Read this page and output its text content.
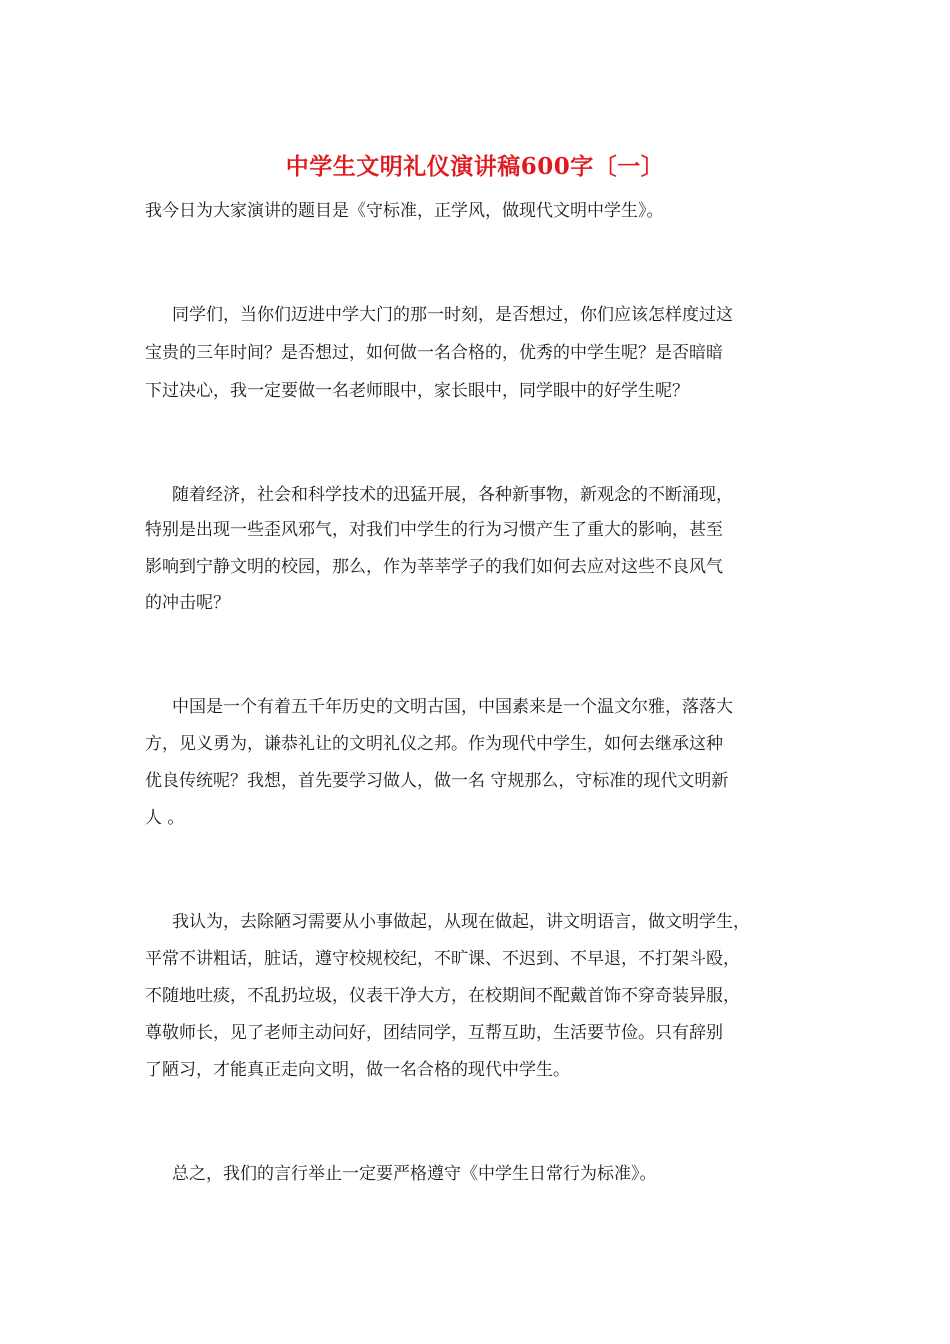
中学生文明礼仪演讲稿600字〔一〕
我今日为大家演讲的题目是《守标准，正学风，做现代文明中学生》。
同学们，当你们迈进中学大门的那一时刻，是否想过，你们应该怎样度过这
宝贵的三年时间？是否想过，如何做一名合格的，优秀的中学生呢？是否暗暗
下过决心，我一定要做一名老师眼中，家长眼中，同学眼中的好学生呢？
随着经济，社会和科学技术的迅猛开展，各种新事物，新观念的不断涌现，
特别是出现一些歪风邪气，对我们中学生的行为习惯产生了重大的影响，甚至
影响到宁静文明的校园，那么，作为莘莘学子的我们如何去应对这些不良风气
的冲击呢？
中国是一个有着五千年历史的文明古国，中国素来是一个温文尔雅，落落大
方，见义勇为，谦恭礼让的文明礼仪之邦。作为现代中学生，如何去继承这种
优良传统呢？我想，首先要学习做人，做一名 守规那么，守标准的现代文明新
人 。
我认为，去除陋习需要从小事做起，从现在做起，讲文明语言，做文明学生，
平常不讲粗话，脏话，遵守校规校纪，不旷课、不迟到、不早退，不打架斗殴，
不随地吐痰，不乱扔垃圾，仪表干净大方，在校期间不配戴首饰不穿奇装异服，
尊敬师长，见了老师主动问好，团结同学，互帮互助，生活要节俭。只有辞别
了陋习，才能真正走向文明，做一名合格的现代中学生。
总之，我们的言行举止一定要严格遵守《中学生日常行为标准》。
